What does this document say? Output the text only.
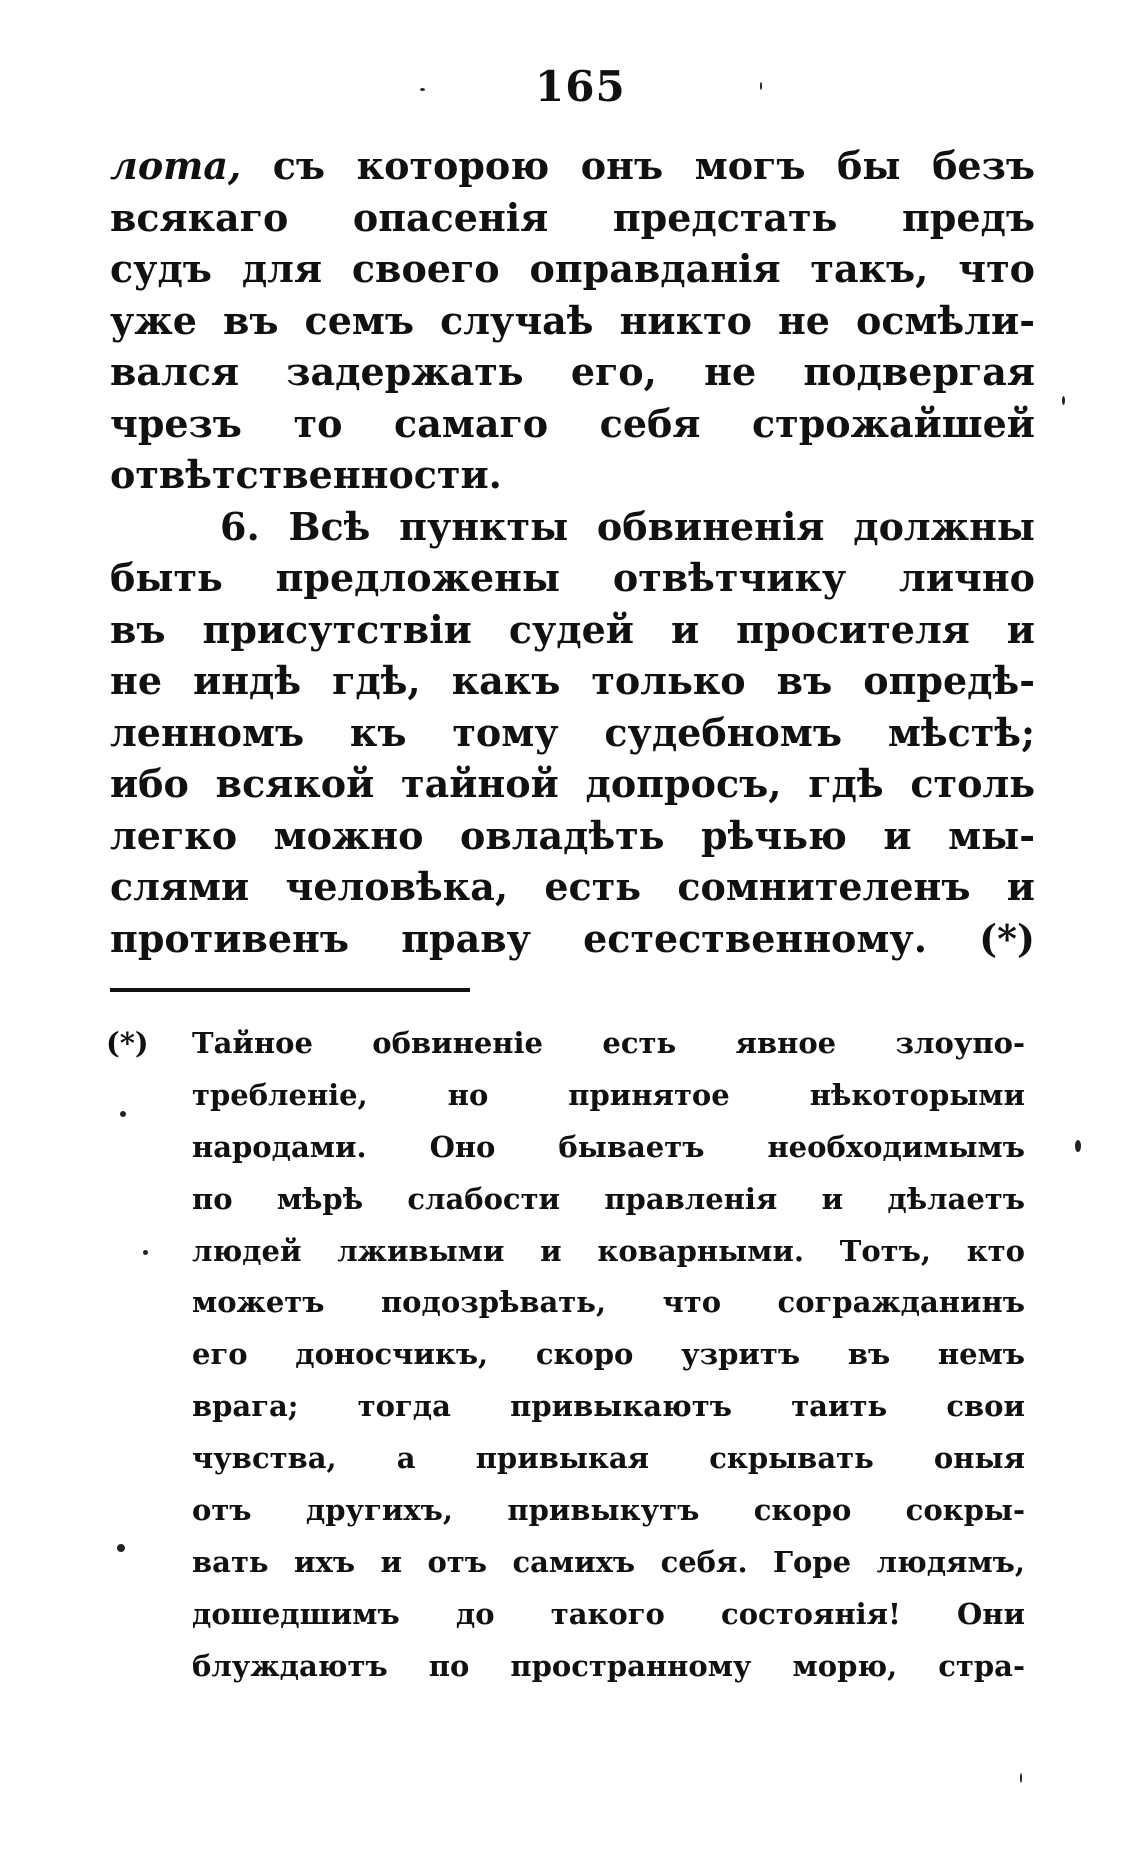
165
лота, съ которою онъ могъ бы безъ
всякаго опасенія предстать предъ
судъ для своего оправданія такъ, что
уже въ семъ случаѣ никто не осмѣли-
вался задержать его, не подвергая
чрезъ то самаго себя строжайшей
отвѣтственности.
6. Всѣ пункты обвиненія должны
быть предложены отвѣтчику лично
въ присутствіи судей и просителя и
не индѣ гдѣ, какъ только въ опредѣ-
ленномъ къ тому судебномъ мѣстѣ;
ибо всякой тайной допросъ, гдѣ столь
легко можно овладѣть рѣчью и мы-
слями человѣка, есть сомнителенъ и
противенъ праву естественному. (*)
(*) Тайное обвиненіе есть явное злоупо-
требленіе, но принятое нѣкоторыми
народами. Оно бываетъ необходимымъ
по мѣрѣ слабости правленія и дѣлаетъ
людей лживыми и коварными. Тотъ, кто
можетъ подозрѣвать, что согражданинъ
его доносчикъ, скоро узритъ въ немъ
врага; тогда привыкаютъ таить свои
чувства, а привыкая скрывать оныя
отъ другихъ, привыкутъ скоро сокры-
вать ихъ и отъ самихъ себя. Горе людямъ,
дошедшимъ до такого состоянія! Они
блуждаютъ по пространному морю, стра-
